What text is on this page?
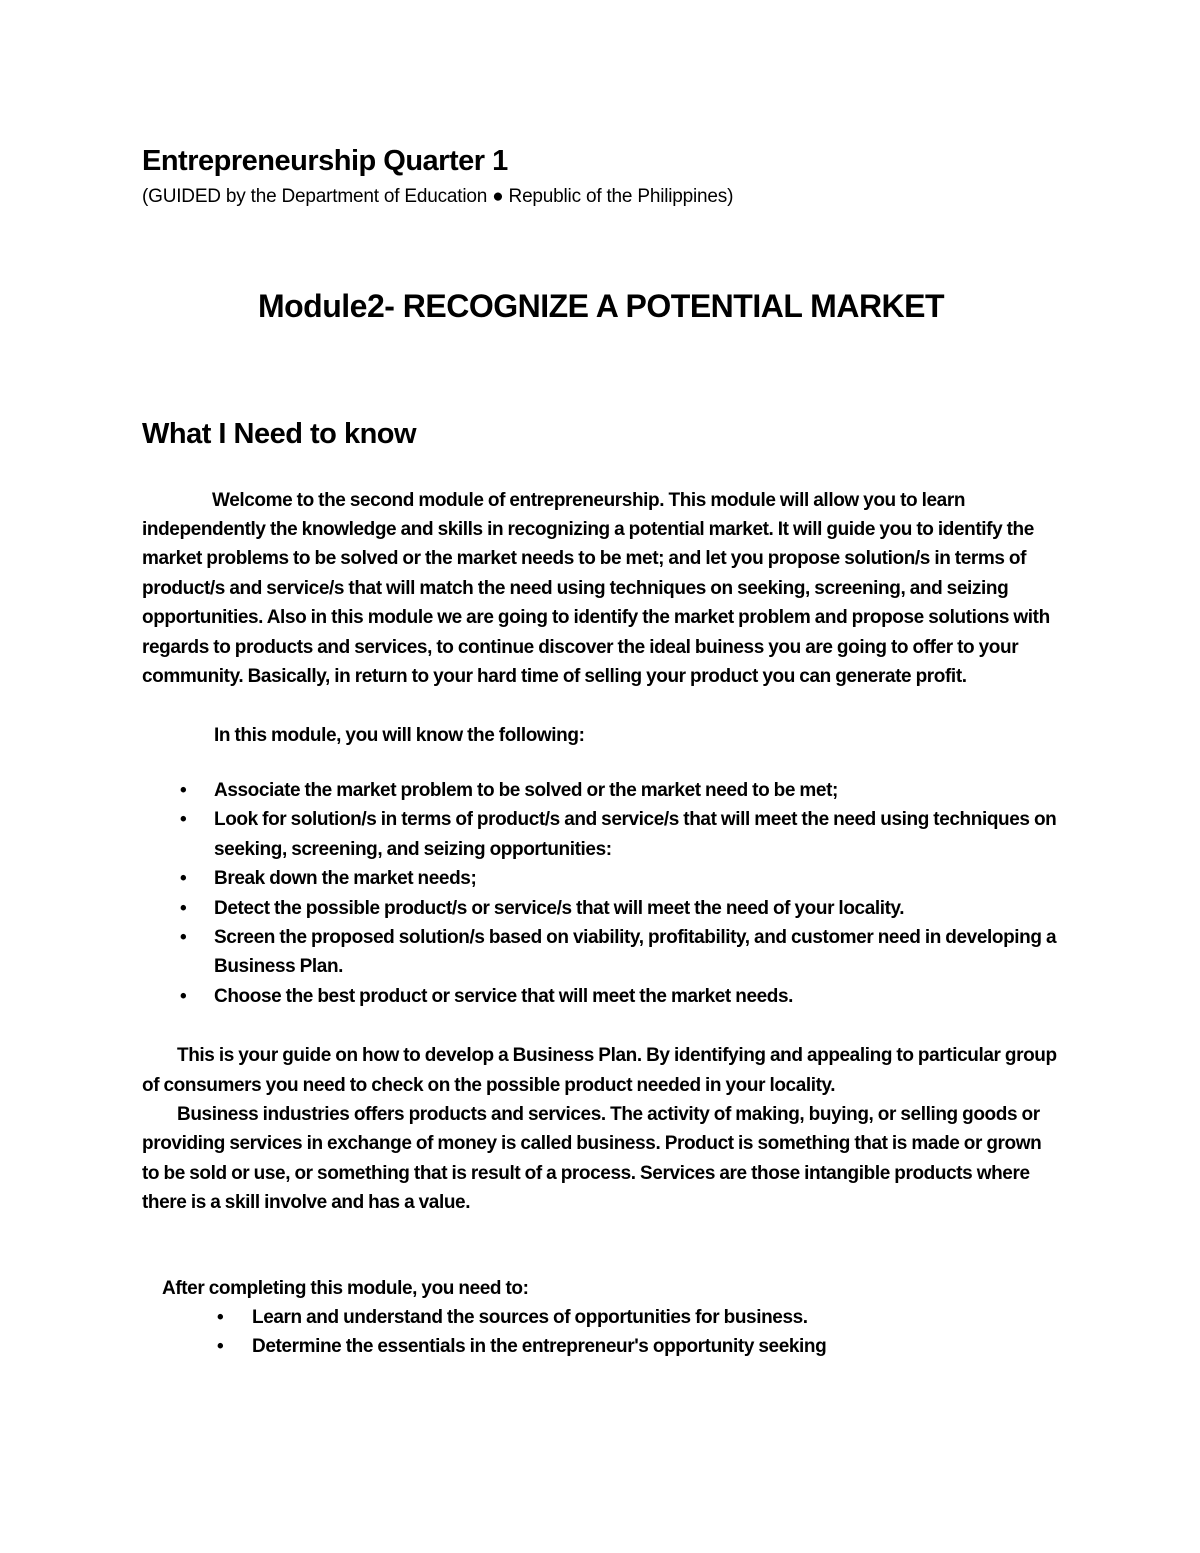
Entrepreneurship Quarter 1

(GUIDED by the Department of Education ● Republic of the Philippines)

Module2- RECOGNIZE A POTENTIAL MARKET
What I Need to know

Welcome to the second module of entrepreneurship. This module will allow you to learn independently the knowledge and skills in recognizing a potential market. It will guide you to identify the market problems to be solved or the market needs to be met; and let you propose solution/s in terms of product/s and service/s that will match the need using techniques on seeking, screening, and seizing opportunities. Also in this module we are going to identify the market problem and propose solutions with regards to products and services, to continue discover the ideal buiness you are going to offer to your community. Basically, in return to your hard time of selling your product you can generate profit.

In this module, you will know the following:

• Associate the market problem to be solved or the market need to be met;
• Look for solution/s in terms of product/s and service/s that will meet the need using techniques on seeking, screening, and seizing opportunities:
• Break down the market needs;
• Detect the possible product/s or service/s that will meet the need of your locality.
• Screen the proposed solution/s based on viability, profitability, and customer need in developing a Business Plan.
• Choose the best product or service that will meet the market needs.

This is your guide on how to develop a Business Plan. By identifying and appealing to particular group of consumers you need to check on the possible product needed in your locality.

Business industries offers products and services. The activity of making, buying, or selling goods or providing services in exchange of money is called business. Product is something that is made or grown to be sold or use, or something that is result of a process. Services are those intangible products where there is a skill involve and has a value.

After completing this module, you need to:

• Learn and understand the sources of opportunities for business.
• Determine the essentials in the entrepreneur's opportunity seeking
